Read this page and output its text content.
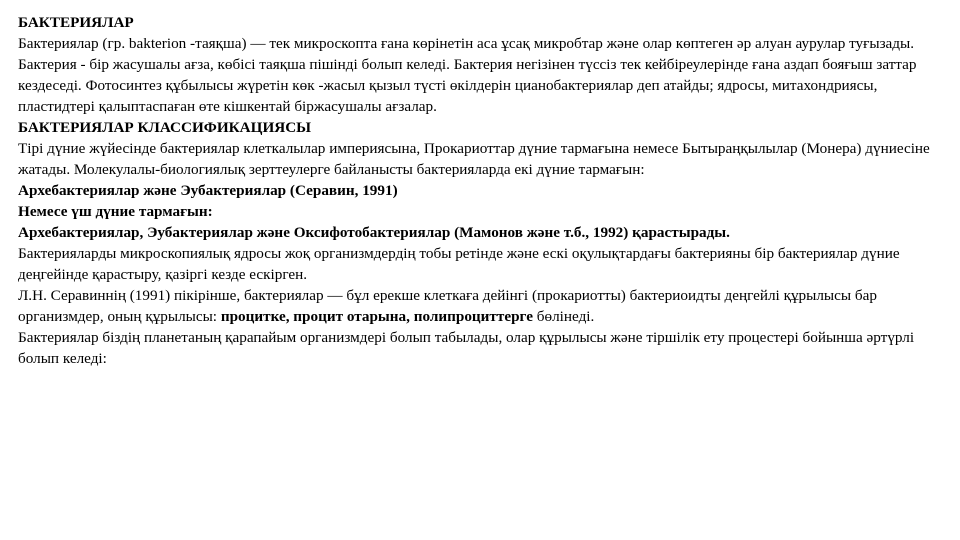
БАКТЕРИЯЛАР

Бактериялар (гр. bakterion -таяқша) — тек микроскопта ғана көрінетін аса ұсақ микробтар және олар көптеген әр алуан аурулар туғызады. Бактерия - бір жасушалы ағза, көбісі таяқша пішінді болып келеді. Бактерия негізінен түссіз тек кейбіреулерінде ғана аздап бояғыш заттар кездеседі. Фотосинтез құбылысы жүретін көк -жасыл қызыл түсті өкілдерін цианобактериялар деп атайды; ядросы, митахондриясы, пластидтері қалыптаспаған өте кішкентай біржасушалы ағзалар.

БАКТЕРИЯЛАР КЛАССИФИКАЦИЯСЫ

Тірі дүние жүйесінде бактериялар клеткалылар империясына, Прокариоттар дүние тармағына немесе Бытыраңқылылар (Монера) дүниесіне жатады. Молекулалы-биологиялық зерттеулерге байланысты бактерияларда екі дүние тармағын:

Архебактериялар және Эубактериялар (Серавин, 1991)

Немесе үш дүние тармағын:

Архебактериялар, Эубактериялар және Оксифотобактериялар (Мамонов және т.б., 1992) қарастырады.

Бактерияларды микроскопиялық ядросы жоқ организмдердің тобы ретінде және ескі оқулықтардағы бактерияны бір бактериялар дүние деңгейінде қарастыру, қазіргі кезде ескірген.

Л.Н. Серавиннің (1991) пікірінше, бактериялар — бұл ерекше клеткаға дейінгі (прокариотты) бактериоидты деңгейлі құрылысы бар организмдер, оның құрылысы: процитке, процит отарына, полипроциттерге бөлінеді.

Бактериялар біздің планетаның қарапайым организмдері болып табылады, олар құрылысы және тіршілік ету процестері бойынша әртүрлі болып келеді:
